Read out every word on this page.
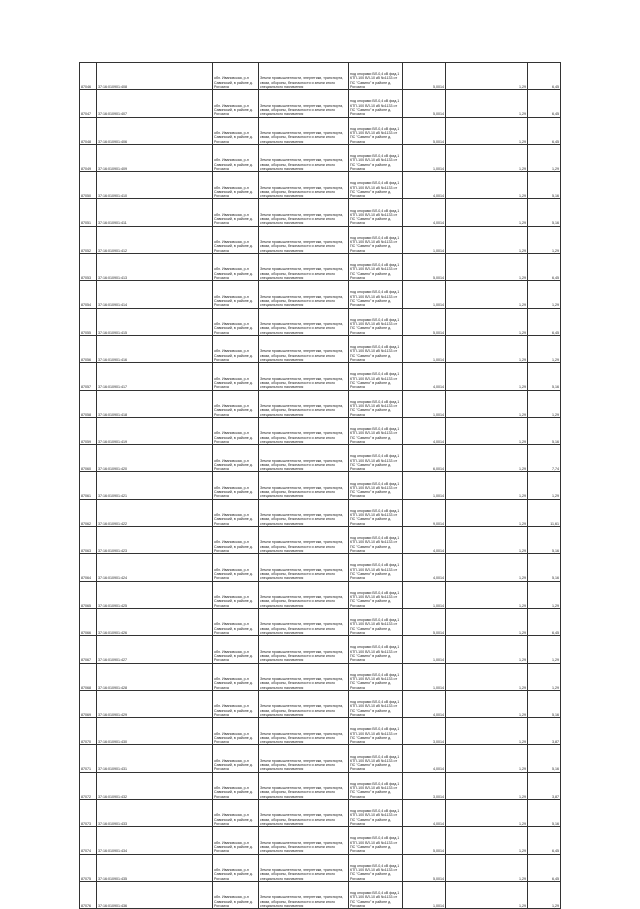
87046	37:16:010901:408	обл. Ивановская, р-н Савинский, в районе д. Рогозиха	Земли промышленности, энергетики, транспорта, связи, обороны, безопасности и земли иного специального назначения	под опорами ВЛ-0,4 кВ фид.1 КТП-100 ВЛ-10 кВ №1133 от ПС "Савино" в районе д. Рогозиха	5,0014	1,29	6,45
87047	37:16:010901:407	обл. Ивановская, р-н Савинский, в районе д. Рогозиха	Земли промышленности, энергетики, транспорта, связи, обороны, безопасности и земли иного специального назначения	под опорами ВЛ-0,4 кВ фид.1 КТП-100 ВЛ-10 кВ №1133 от ПС "Савино" в районе д. Рогозиха	5,0014	1,29	6,45
87048	37:16:010901:406	обл. Ивановская, р-н Савинский, в районе д. Рогозиха	Земли промышленности, энергетики, транспорта, связи, обороны, безопасности и земли иного специального назначения	под опорами ВЛ-0,4 кВ фид.1 КТП-100 ВЛ-10 кВ №1133 от ПС "Савино" в районе д. Рогозиха	5,0014	1,29	6,45
87049	37:16:010901:409	обл. Ивановская, р-н Савинский, в районе д. Рогозиха	Земли промышленности, энергетики, транспорта, связи, обороны, безопасности и земли иного специального назначения	под опорами ВЛ-0,4 кВ фид.1 КТП-100 ВЛ-10 кВ №1133 от ПС "Савино" в районе д. Рогозиха	1,0014	1,29	1,29
87050	37:16:010901:410	обл. Ивановская, р-н Савинский, в районе д. Рогозиха	Земли промышленности, энергетики, транспорта, связи, обороны, безопасности и земли иного специального назначения	под опорами ВЛ-0,4 кВ фид.1 КТП-100 ВЛ-10 кВ №1133 от ПС "Савино" в районе д. Рогозиха	4,0014	1,29	5,16
87051	37:16:010901:411	обл. Ивановская, р-н Савинский, в районе д. Рогозиха	Земли промышленности, энергетики, транспорта, связи, обороны, безопасности и земли иного специального назначения	под опорами ВЛ-0,4 кВ фид.1 КТП-100 ВЛ-10 кВ №1133 от ПС "Савино" в районе д. Рогозиха	4,0014	1,29	5,16
87052	37:16:010901:412	обл. Ивановская, р-н Савинский, в районе д. Рогозиха	Земли промышленности, энергетики, транспорта, связи, обороны, безопасности и земли иного специального назначения	под опорами ВЛ-0,4 кВ фид.1 КТП-100 ВЛ-10 кВ №1133 от ПС "Савино" в районе д. Рогозиха	1,0014	1,29	1,29
87053	37:16:010901:413	обл. Ивановская, р-н Савинский, в районе д. Рогозиха	Земли промышленности, энергетики, транспорта, связи, обороны, безопасности и земли иного специального назначения	под опорами ВЛ-0,4 кВ фид.1 КТП-100 ВЛ-10 кВ №1133 от ПС "Савино" в районе д. Рогозиха	5,0014	1,29	6,45
87054	37:16:010901:414	обл. Ивановская, р-н Савинский, в районе д. Рогозиха	Земли промышленности, энергетики, транспорта, связи, обороны, безопасности и земли иного специального назначения	под опорами ВЛ-0,4 кВ фид.1 КТП-100 ВЛ-10 кВ №1133 от ПС "Савино" в районе д. Рогозиха	1,0014	1,29	1,29
87055	37:16:010901:415	обл. Ивановская, р-н Савинский, в районе д. Рогозиха	Земли промышленности, энергетики, транспорта, связи, обороны, безопасности и земли иного специального назначения	под опорами ВЛ-0,4 кВ фид.1 КТП-100 ВЛ-10 кВ №1133 от ПС "Савино" в районе д. Рогозиха	5,0014	1,29	6,45
87056	37:16:010901:416	обл. Ивановская, р-н Савинский, в районе д. Рогозиха	Земли промышленности, энергетики, транспорта, связи, обороны, безопасности и земли иного специального назначения	под опорами ВЛ-0,4 кВ фид.1 КТП-100 ВЛ-10 кВ №1133 от ПС "Савино" в районе д. Рогозиха	1,0014	1,29	1,29
87057	37:16:010901:417	обл. Ивановская, р-н Савинский, в районе д. Рогозиха	Земли промышленности, энергетики, транспорта, связи, обороны, безопасности и земли иного специального назначения	под опорами ВЛ-0,4 кВ фид.1 КТП-100 ВЛ-10 кВ №1133 от ПС "Савино" в районе д. Рогозиха	4,0014	1,29	5,16
87058	37:16:010901:418	обл. Ивановская, р-н Савинский, в районе д. Рогозиха	Земли промышленности, энергетики, транспорта, связи, обороны, безопасности и земли иного специального назначения	под опорами ВЛ-0,4 кВ фид.1 КТП-100 ВЛ-10 кВ №1133 от ПС "Савино" в районе д. Рогозиха	1,0014	1,29	1,29
87059	37:16:010901:419	обл. Ивановская, р-н Савинский, в районе д. Рогозиха	Земли промышленности, энергетики, транспорта, связи, обороны, безопасности и земли иного специального назначения	под опорами ВЛ-0,4 кВ фид.1 КТП-100 ВЛ-10 кВ №1133 от ПС "Савино" в районе д. Рогозиха	4,0014	1,29	5,16
87060	37:16:010901:420	обл. Ивановская, р-н Савинский, в районе д. Рогозиха	Земли промышленности, энергетики, транспорта, связи, обороны, безопасности и земли иного специального назначения	под опорами ВЛ-0,4 кВ фид.1 КТП-100 ВЛ-10 кВ №1133 от ПС "Савино" в районе д. Рогозиха	6,0014	1,29	7,74
87061	37:16:010901:421	обл. Ивановская, р-н Савинский, в районе д. Рогозиха	Земли промышленности, энергетики, транспорта, связи, обороны, безопасности и земли иного специального назначения	под опорами ВЛ-0,4 кВ фид.1 КТП-100 ВЛ-10 кВ №1133 от ПС "Савино" в районе д. Рогозиха	1,0014	1,29	1,29
87062	37:16:010901:422	обл. Ивановская, р-н Савинский, в районе д. Рогозиха	Земли промышленности, энергетики, транспорта, связи, обороны, безопасности и земли иного специального назначения	под опорами ВЛ-0,4 кВ фид.1 КТП-100 ВЛ-10 кВ №1133 от ПС "Савино" в районе д. Рогозиха	9,0014	1,29	11,61
87063	37:16:010901:423	обл. Ивановская, р-н Савинский, в районе д. Рогозиха	Земли промышленности, энергетики, транспорта, связи, обороны, безопасности и земли иного специального назначения	под опорами ВЛ-0,4 кВ фид.1 КТП-100 ВЛ-10 кВ №1133 от ПС "Савино" в районе д. Рогозиха	4,0014	1,29	5,16
87064	37:16:010901:424	обл. Ивановская, р-н Савинский, в районе д. Рогозиха	Земли промышленности, энергетики, транспорта, связи, обороны, безопасности и земли иного специального назначения	под опорами ВЛ-0,4 кВ фид.1 КТП-100 ВЛ-10 кВ №1133 от ПС "Савино" в районе д. Рогозиха	4,0014	1,29	5,16
87065	37:16:010901:425	обл. Ивановская, р-н Савинский, в районе д. Рогозиха	Земли промышленности, энергетики, транспорта, связи, обороны, безопасности и земли иного специального назначения	под опорами ВЛ-0,4 кВ фид.1 КТП-100 ВЛ-10 кВ №1133 от ПС "Савино" в районе д. Рогозиха	1,0014	1,29	1,29
87066	37:16:010901:426	обл. Ивановская, р-н Савинский, в районе д. Рогозиха	Земли промышленности, энергетики, транспорта, связи, обороны, безопасности и земли иного специального назначения	под опорами ВЛ-0,4 кВ фид.1 КТП-100 ВЛ-10 кВ №1133 от ПС "Савино" в районе д. Рогозиха	5,0014	1,29	6,45
87067	37:16:010901:427	обл. Ивановская, р-н Савинский, в районе д. Рогозиха	Земли промышленности, энергетики, транспорта, связи, обороны, безопасности и земли иного специального назначения	под опорами ВЛ-0,4 кВ фид.1 КТП-100 ВЛ-10 кВ №1133 от ПС "Савино" в районе д. Рогозиха	1,0014	1,29	1,29
87068	37:16:010901:428	обл. Ивановская, р-н Савинский, в районе д. Рогозиха	Земли промышленности, энергетики, транспорта, связи, обороны, безопасности и земли иного специального назначения	под опорами ВЛ-0,4 кВ фид.1 КТП-100 ВЛ-10 кВ №1133 от ПС "Савино" в районе д. Рогозиха	1,0014	1,29	1,29
87069	37:16:010901:429	обл. Ивановская, р-н Савинский, в районе д. Рогозиха	Земли промышленности, энергетики, транспорта, связи, обороны, безопасности и земли иного специального назначения	под опорами ВЛ-0,4 кВ фид.1 КТП-100 ВЛ-10 кВ №1133 от ПС "Савино" в районе д. Рогозиха	4,0014	1,29	5,16
87070	37:16:010901:430	обл. Ивановская, р-н Савинский, в районе д. Рогозиха	Земли промышленности, энергетики, транспорта, связи, обороны, безопасности и земли иного специального назначения	под опорами ВЛ-0,4 кВ фид.1 КТП-100 ВЛ-10 кВ №1133 от ПС "Савино" в районе д. Рогозиха	3,0014	1,29	3,87
87071	37:16:010901:431	обл. Ивановская, р-н Савинский, в районе д. Рогозиха	Земли промышленности, энергетики, транспорта, связи, обороны, безопасности и земли иного специального назначения	под опорами ВЛ-0,4 кВ фид.1 КТП-100 ВЛ-10 кВ №1133 от ПС "Савино" в районе д. Рогозиха	4,0014	1,29	5,16
87072	37:16:010901:432	обл. Ивановская, р-н Савинский, в районе д. Рогозиха	Земли промышленности, энергетики, транспорта, связи, обороны, безопасности и земли иного специального назначения	под опорами ВЛ-0,4 кВ фид.1 КТП-100 ВЛ-10 кВ №1133 от ПС "Савино" в районе д. Рогозиха	3,0014	1,29	3,87
87073	37:16:010901:433	обл. Ивановская, р-н Савинский, в районе д. Рогозиха	Земли промышленности, энергетики, транспорта, связи, обороны, безопасности и земли иного специального назначения	под опорами ВЛ-0,4 кВ фид.1 КТП-100 ВЛ-10 кВ №1133 от ПС "Савино" в районе д. Рогозиха	4,0014	1,29	5,16
87074	37:16:010901:434	обл. Ивановская, р-н Савинский, в районе д. Рогозиха	Земли промышленности, энергетики, транспорта, связи, обороны, безопасности и земли иного специального назначения	под опорами ВЛ-0,4 кВ фид.1 КТП-100 ВЛ-10 кВ №1133 от ПС "Савино" в районе д. Рогозиха	5,0014	1,29	6,45
87075	37:16:010901:435	обл. Ивановская, р-н Савинский, в районе д. Рогозиха	Земли промышленности, энергетики, транспорта, связи, обороны, безопасности и земли иного специального назначения	под опорами ВЛ-0,4 кВ фид.1 КТП-100 ВЛ-10 кВ №1133 от ПС "Савино" в районе д. Рогозиха	5,0014	1,29	6,45
87076	37:16:010901:436	обл. Ивановская, р-н Савинский, в районе д. Рогозиха	Земли промышленности, энергетики, транспорта, связи, обороны, безопасности и земли иного специального назначения	под опорами ВЛ-0,4 кВ фид.1 КТП-100 ВЛ-10 кВ №1133 от ПС "Савино" в районе д. Рогозиха	1,0014	1,29	1,29
